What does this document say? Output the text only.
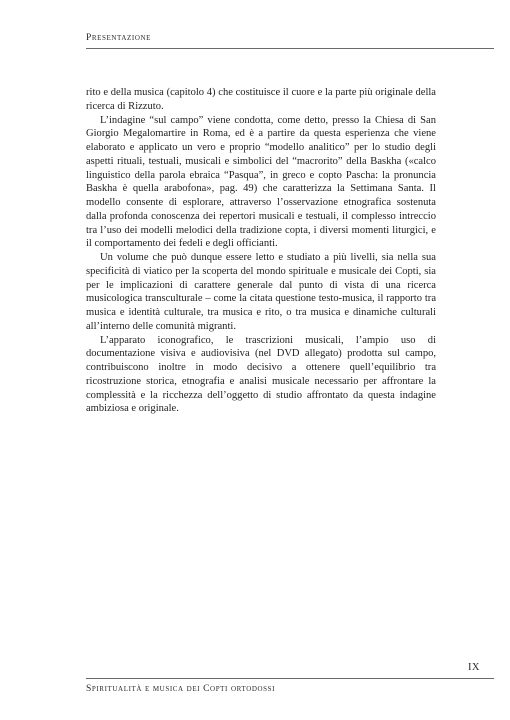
Presentazione

rito e della musica (capitolo 4) che costituisce il cuore e la parte più originale della ricerca di Rizzuto.

L’indagine “sul campo” viene condotta, come detto, presso la Chiesa di San Giorgio Megalomartire in Roma, ed è a partire da questa esperienza che viene elaborato e applicato un vero e proprio “modello analitico” per lo studio degli aspetti rituali, testuali, musicali e simbolici del “macrorito” della Baskha («calco linguistico della parola ebraica “Pasqua”, in greco e copto Pascha: la pronuncia Baskha è quella arabofona», pag. 49) che caratterizza la Settimana Santa. Il modello consente di esplorare, attraverso l’osservazione etnografica sostenuta dalla profonda conoscenza dei repertori musicali e testuali, il complesso intreccio tra l’uso dei modelli melodici della tradizione copta, i diversi momenti liturgici, e il comportamento dei fedeli e degli officianti.

Un volume che può dunque essere letto e studiato a più livelli, sia nella sua specificità di viatico per la scoperta del mondo spirituale e musicale dei Copti, sia per le implicazioni di carattere generale dal punto di vista di una ricerca musicologica transculturale – come la citata questione testo-musica, il rapporto tra musica e identità culturale, tra musica e rito, o tra musica e dinamiche culturali all’interno delle comunità migranti.

L’apparato iconografico, le trascrizioni musicali, l’ampio uso di documentazione visiva e audiovisiva (nel DVD allegato) prodotta sul campo, contribuiscono inoltre in modo decisivo a ottenere quell’equilibrio tra ricostruzione storica, etnografia e analisi musicale necessario per affrontare la complessità e la ricchezza dell’oggetto di studio affrontato da questa indagine ambiziosa e originale.

IX
Spiritualità e musica dei Copti ortodossi
